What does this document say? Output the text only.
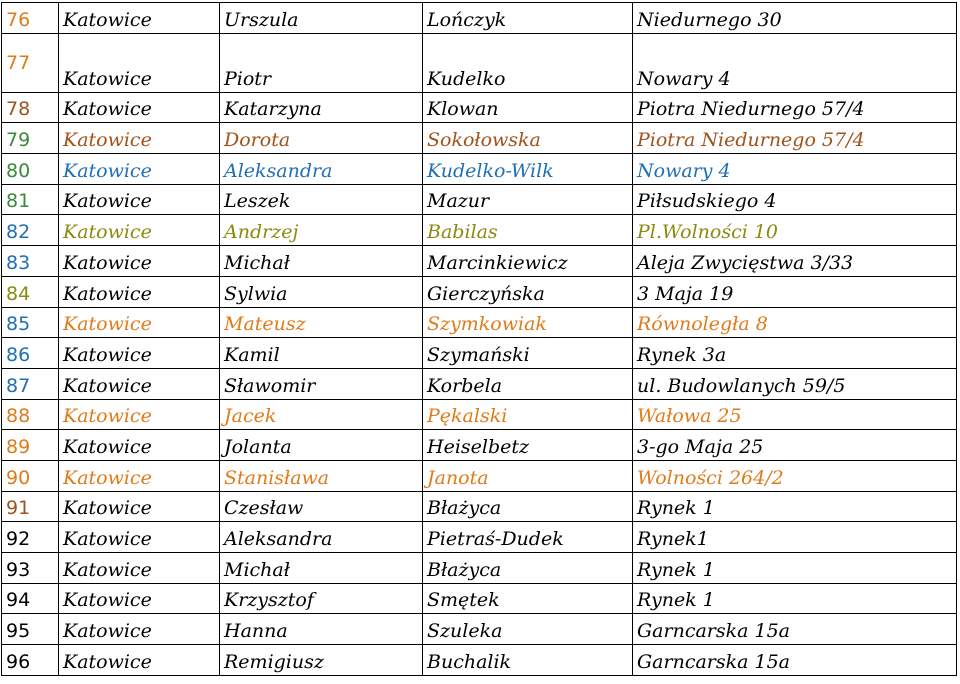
76	Katowice	Urszula	Lończyk	Niedurnego 30
77	Katowice	Piotr	Kudelko	Nowary 4
78	Katowice	Katarzyna	Klowan	Piotra Niedurnego 57/4
79	Katowice	Dorota	Sokołowska	Piotra Niedurnego 57/4
80	Katowice	Aleksandra	Kudelko-Wilk	Nowary 4
81	Katowice	Leszek	Mazur	Piłsudskiego 4
82	Katowice	Andrzej	Babilas	Pl.Wolności 10
83	Katowice	Michał	Marcinkiewicz	Aleja Zwycięstwa 3/33
84	Katowice	Sylwia	Gierczyńska	3 Maja 19
85	Katowice	Mateusz	Szymkowiak	Równoległa 8
86	Katowice	Kamil	Szymański	Rynek 3a
87	Katowice	Sławomir	Korbela	ul. Budowlanych 59/5
88	Katowice	Jacek	Pękalski	Wałowa 25
89	Katowice	Jolanta	Heiselbetz	3-go Maja 25
90	Katowice	Stanisława	Janota	Wolności 264/2
91	Katowice	Czesław	Błażyca	Rynek 1
92	Katowice	Aleksandra	Pietraś-Dudek	Rynek1
93	Katowice	Michał	Błażyca	Rynek 1
94	Katowice	Krzysztof	Smętek	Rynek 1
95	Katowice	Hanna	Szuleka	Garncarska 15a
96	Katowice	Remigiusz	Buchalik	Garncarska 15a
